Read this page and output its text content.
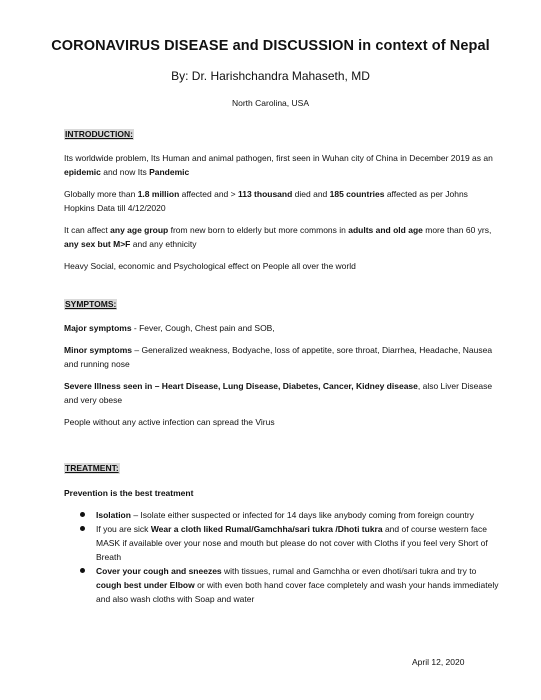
CORONAVIRUS DISEASE and DISCUSSION in context of Nepal
By: Dr. Harishchandra Mahaseth, MD
North Carolina, USA
INTRODUCTION:

Its worldwide problem, Its Human and animal pathogen, first seen in Wuhan city of China in December 2019 as an epidemic and now Its Pandemic

Globally more than 1.8 million affected and > 113 thousand died and 185 countries affected as per Johns Hopkins Data till 4/12/2020

It can affect any age group from new born to elderly but more commons in adults and old age more than 60 yrs, any sex but M>F and any ethnicity

Heavy Social, economic and Psychological effect on People all over the world

SYMPTOMS:

Major symptoms - Fever, Cough, Chest pain and SOB,

Minor symptoms – Generalized weakness, Bodyache, loss of appetite, sore throat, Diarrhea, Headache, Nausea and running nose

Severe Illness seen in – Heart Disease, Lung Disease, Diabetes, Cancer, Kidney disease, also Liver Disease and very obese

People without any active infection can spread the Virus

TREATMENT:

Prevention is the best treatment

Isolation – Isolate either suspected or infected for 14 days like anybody coming from foreign country
If you are sick Wear a cloth liked Rumal/Gamchha/sari tukra /Dhoti tukra and of course western face MASK if available over your nose and mouth but please do not cover with Cloths if you feel very Short of Breath
Cover your cough and sneezes with tissues, rumal and Gamchha or even dhoti/sari tukra and try to cough best under Elbow or with even both hand cover face completely and wash your hands immediately and also wash cloths with Soap and water
April 12, 2020
